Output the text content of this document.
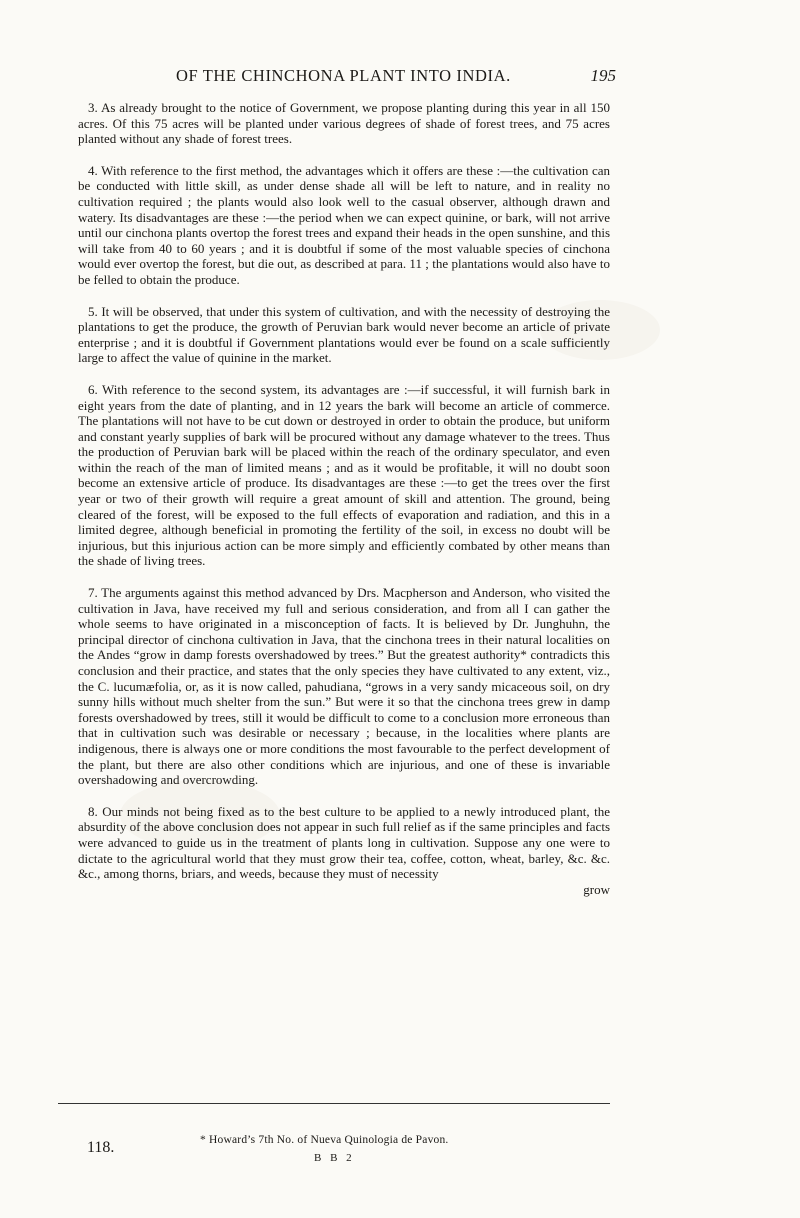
OF THE CHINCHONA PLANT INTO INDIA.	195

3. As already brought to the notice of Government, we propose planting during this year in all 150 acres. Of this 75 acres will be planted under various degrees of shade of forest trees, and 75 acres planted without any shade of forest trees.

4. With reference to the first method, the advantages which it offers are these :—the cultivation can be conducted with little skill, as under dense shade all will be left to nature, and in reality no cultivation required ; the plants would also look well to the casual observer, although drawn and watery. Its disadvantages are these :—the period when we can expect quinine, or bark, will not arrive until our cinchona plants overtop the forest trees and expand their heads in the open sunshine, and this will take from 40 to 60 years ; and it is doubtful if some of the most valuable species of cinchona would ever overtop the forest, but die out, as described at para. 11 ; the plantations would also have to be felled to obtain the produce.

5. It will be observed, that under this system of cultivation, and with the necessity of destroying the plantations to get the produce, the growth of Peruvian bark would never become an article of private enterprise ; and it is doubtful if Government plantations would ever be found on a scale sufficiently large to affect the value of quinine in the market.

6. With reference to the second system, its advantages are :—if successful, it will furnish bark in eight years from the date of planting, and in 12 years the bark will become an article of commerce. The plantations will not have to be cut down or destroyed in order to obtain the produce, but uniform and constant yearly supplies of bark will be procured without any damage whatever to the trees. Thus the production of Peruvian bark will be placed within the reach of the ordinary speculator, and even within the reach of the man of limited means ; and as it would be profitable, it will no doubt soon become an extensive article of produce. Its disadvantages are these :—to get the trees over the first year or two of their growth will require a great amount of skill and attention. The ground, being cleared of the forest, will be exposed to the full effects of evaporation and radiation, and this in a limited degree, although beneficial in promoting the fertility of the soil, in excess no doubt will be injurious, but this injurious action can be more simply and efficiently combated by other means than the shade of living trees.

7. The arguments against this method advanced by Drs. Macpherson and Anderson, who visited the cultivation in Java, have received my full and serious consideration, and from all I can gather the whole seems to have originated in a misconception of facts. It is believed by Dr. Junghuhn, the principal director of cinchona cultivation in Java, that the cinchona trees in their natural localities on the Andes “grow in damp forests overshadowed by trees.” But the greatest authority* contradicts this conclusion and their practice, and states that the only species they have cultivated to any extent, viz., the C. lucumæfolia, or, as it is now called, pahudiana, “grows in a very sandy micaceous soil, on dry sunny hills without much shelter from the sun.” But were it so that the cinchona trees grew in damp forests overshadowed by trees, still it would be difficult to come to a conclusion more erroneous than that in cultivation such was desirable or necessary ; because, in the localities where plants are indigenous, there is always one or more conditions the most favourable to the perfect development of the plant, but there are also other conditions which are injurious, and one of these is invariable overshadowing and overcrowding.

8. Our minds not being fixed as to the best culture to be applied to a newly introduced plant, the absurdity of the above conclusion does not appear in such full relief as if the same principles and facts were advanced to guide us in the treatment of plants long in cultivation. Suppose any one were to dictate to the agricultural world that they must grow their tea, coffee, cotton, wheat, barley, &c. &c. &c., among thorns, briars, and weeds, because they must of necessity

grow
* Howard’s 7th No. of Nueva Quinologia de Pavon.
118.
B B 2
